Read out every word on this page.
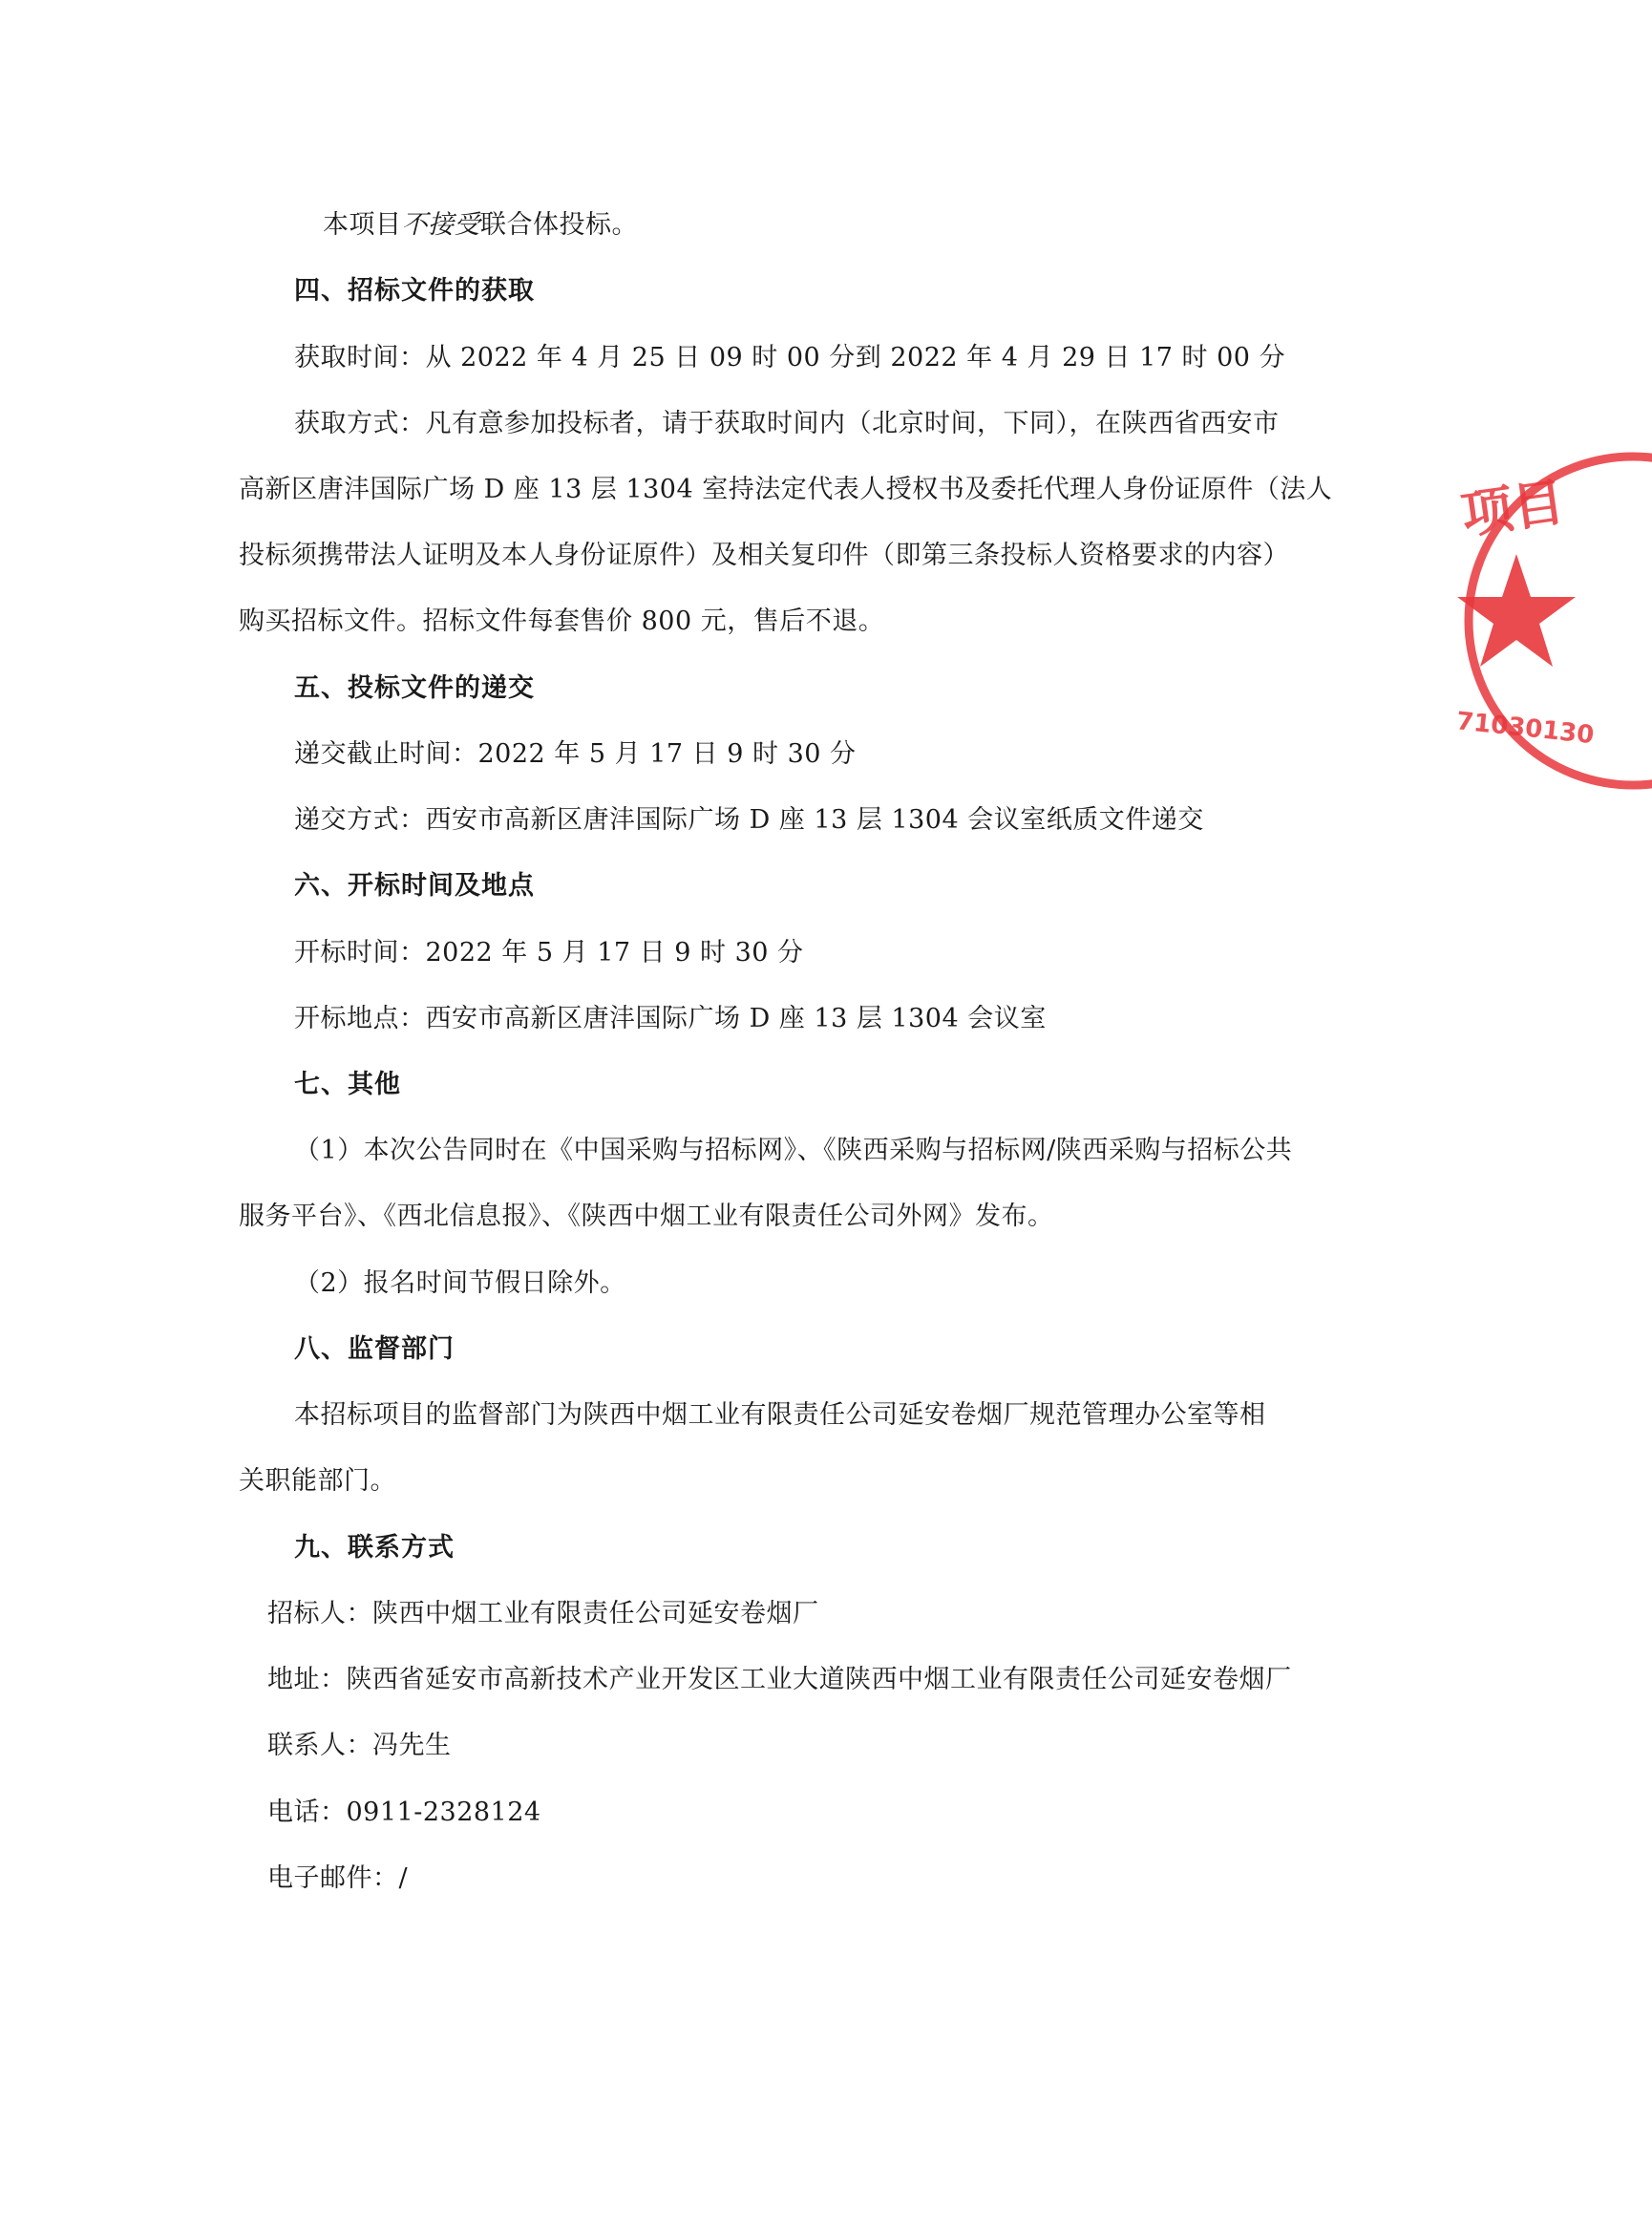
本项目不接受联合体投标。
四、招标文件的获取
获取时间：从 2022 年 4 月 25 日 09 时 00 分到 2022 年 4 月 29 日 17 时 00 分
获取方式：凡有意参加投标者，请于获取时间内（北京时间，下同），在陕西省西安市
高新区唐沣国际广场 D 座 13 层 1304 室持法定代表人授权书及委托代理人身份证原件（法人
投标须携带法人证明及本人身份证原件）及相关复印件（即第三条投标人资格要求的内容）
购买招标文件。招标文件每套售价 800 元，售后不退。
五、投标文件的递交
递交截止时间：2022 年 5 月 17 日 9 时 30 分
递交方式：西安市高新区唐沣国际广场 D 座 13 层 1304 会议室纸质文件递交
六、开标时间及地点
开标时间：2022 年 5 月 17 日 9 时 30 分
开标地点：西安市高新区唐沣国际广场 D 座 13 层 1304 会议室
七、其他
（1）本次公告同时在《中国采购与招标网》、《陕西采购与招标网/陕西采购与招标公共
服务平台》、《西北信息报》、《陕西中烟工业有限责任公司外网》发布。
（2）报名时间节假日除外。
八、监督部门
本招标项目的监督部门为陕西中烟工业有限责任公司延安卷烟厂规范管理办公室等相
关职能部门。
九、联系方式
招标人：陕西中烟工业有限责任公司延安卷烟厂
地址：陕西省延安市高新技术产业开发区工业大道陕西中烟工业有限责任公司延安卷烟厂
联系人：冯先生
电话：0911-2328124
电子邮件：/
项目
71030130
